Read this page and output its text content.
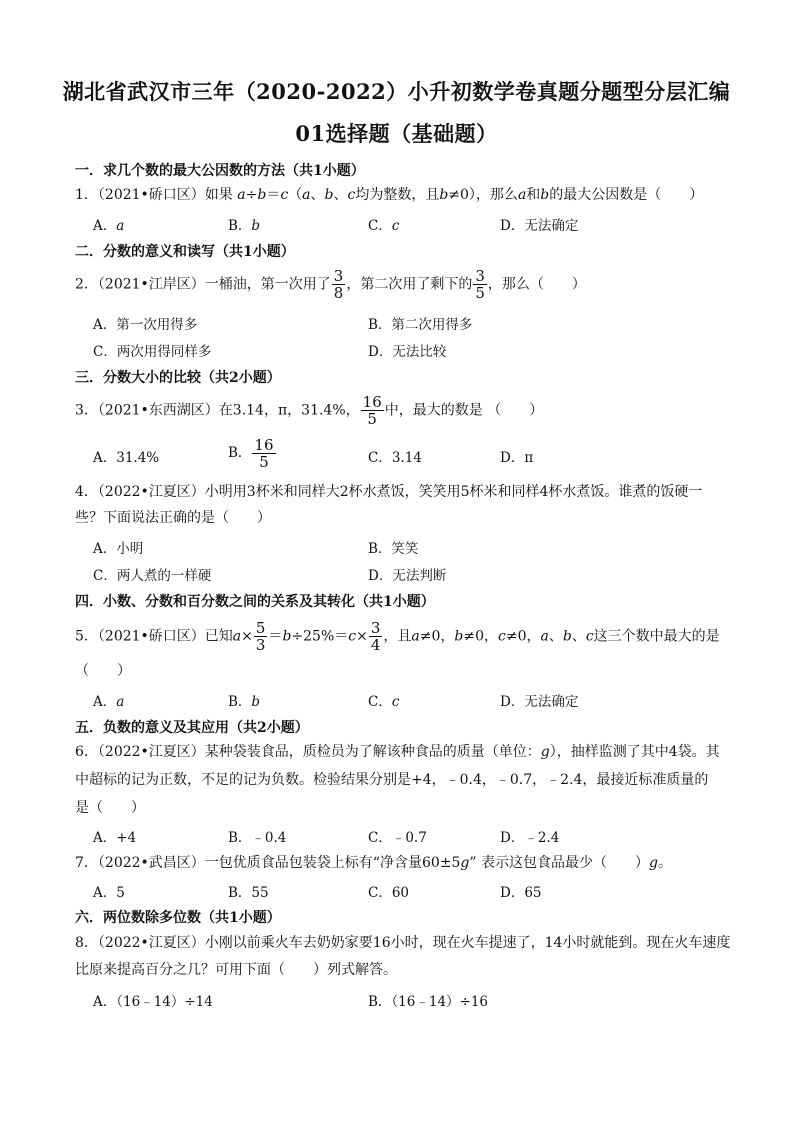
湖北省武汉市三年（2020-2022）小升初数学卷真题分题型分层汇编
01选择题（基础题）
一．求几个数的最大公因数的方法（共1小题）
1．（2021•硚口区）如果 a÷b＝c（a、b、c均为整数，且b≠0），那么a和b的最大公因数是（　　）
A．a	B．b	C．c	D．无法确定
二．分数的意义和读写（共1小题）
2．（2021•江岸区）一桶油，第一次用了 $\frac{3}{8}$ ，第二次用了剩下的 $\frac{3}{5}$ ，那么（　　）
A．第一次用得多	B．第二次用得多
C．两次用得同样多	D．无法比较
三．分数大小的比较（共2小题）
3．（2021•东西湖区）在3.14，π，31.4%， $\frac{16}{5}$ 中，最大的数是 （　　）
A．31.4%	B． $\frac{16}{5}$	C．3.14	D．π
4．（2022•江夏区）小明用3杯米和同样大2杯水煮饭，笑笑用5杯米和同样4杯水煮饭。谁煮的饭硬一
些？下面说法正确的是（　　）
A．小明	B．笑笑
C．两人煮的一样硬	D．无法判断
四．小数、分数和百分数之间的关系及其转化（共1小题）
5．（2021•硚口区）已知$a\times \frac{5}{3} =b\div 25\%=c\times \frac{3}{4}$ ，且a≠0，b≠0，c≠0，a、b、c这三个数中最大的是
（　　）
A．a	B．b	C．c	D．无法确定
五．负数的意义及其应用（共2小题）
6．（2022•江夏区）某种袋装食品，质检员为了解该种食品的质量（单位：g），抽样监测了其中4袋。其
中超标的记为正数，不足的记为负数。检验结果分别是+4，﹣0.4，﹣0.7，﹣2.4，最接近标准质量的
是（　　）
A．+4	B．﹣0.4	C．﹣0.7	D．﹣2.4
7．（2022•武昌区）一包优质食品包装袋上标有“净含量60±5g” 表示这包食品最少（　　）g。
A．5	B．55	C．60	D．65
六．两位数除多位数（共1小题）
8．（2022•江夏区）小刚以前乘火车去奶奶家要16小时，现在火车提速了，14小时就能到。现在火车速度
比原来提高百分之几？可用下面（　　）列式解答。
A．（16﹣14）÷14	B．（16﹣14）÷16
